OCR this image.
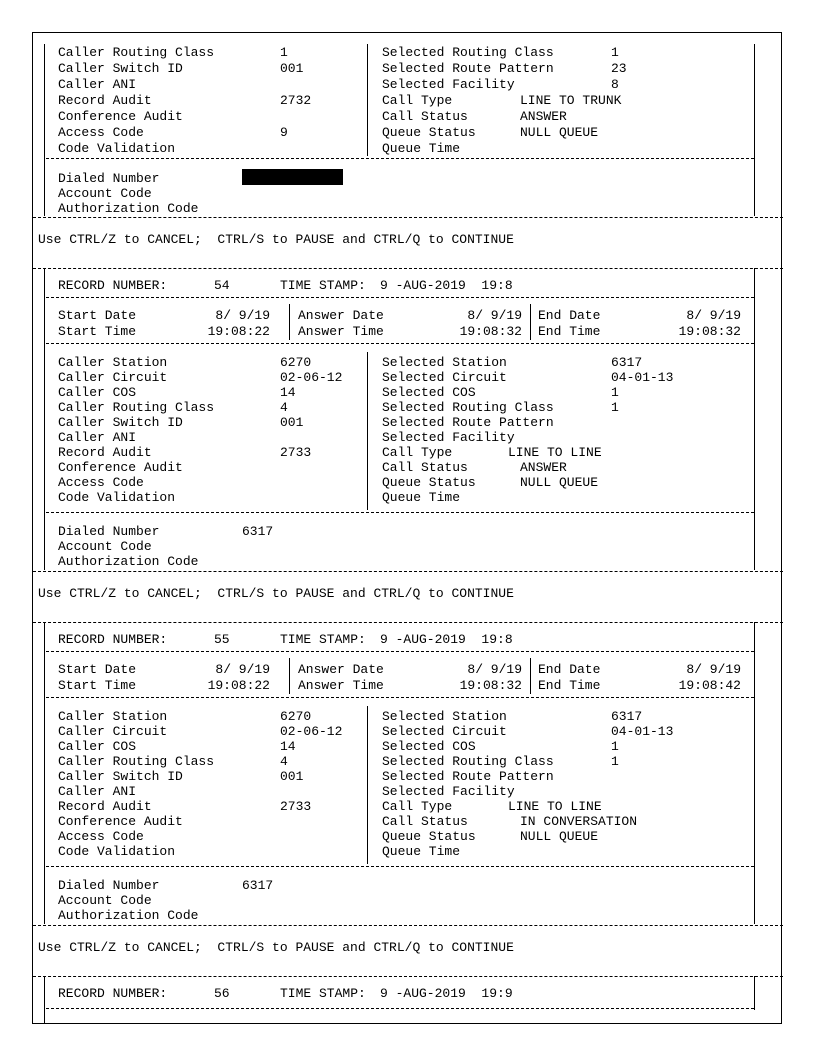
Caller Routing Class	1	Selected Routing Class	1
Caller Switch ID	001	Selected Route Pattern	23
Caller ANI	Selected Facility	8
Record Audit	2732	Call Type	LINE TO TRUNK
Conference Audit	Call Status	ANSWER
Access Code	9	Queue Status	NULL QUEUE
Code Validation	Queue Time
Dialed Number
Account Code
Authorization Code
Use CTRL/Z to CANCEL;  CTRL/S to PAUSE and CTRL/Q to CONTINUE
RECORD NUMBER:	54	TIME STAMP: 9 -AUG-2019  19:8
Start Date	8/ 9/19 Answer Date	8/ 9/19 End Date	8/ 9/19
Start Time	19:08:22 Answer Time	19:08:32 End Time	19:08:32
Caller Station	6270	Selected Station	6317
Caller Circuit	02-06-12	Selected Circuit	04-01-13
Caller COS	14	Selected COS	1
Caller Routing Class	4	Selected Routing Class	1
Caller Switch ID	001	Selected Route Pattern
Caller ANI	Selected Facility
Record Audit	2733	Call Type	LINE TO LINE
Conference Audit	Call Status	ANSWER
Access Code	Queue Status	NULL QUEUE
Code Validation	Queue Time
Dialed Number	6317
Account Code
Authorization Code
Use CTRL/Z to CANCEL;  CTRL/S to PAUSE and CTRL/Q to CONTINUE
RECORD NUMBER:	55	TIME STAMP: 9 -AUG-2019  19:8
Start Date	8/ 9/19 Answer Date	8/ 9/19 End Date	8/ 9/19
Start Time	19:08:22 Answer Time	19:08:32 End Time	19:08:42
Caller Station	6270	Selected Station	6317
Caller Circuit	02-06-12	Selected Circuit	04-01-13
Caller COS	14	Selected COS	1
Caller Routing Class	4	Selected Routing Class	1
Caller Switch ID	001	Selected Route Pattern
Caller ANI	Selected Facility
Record Audit	2733	Call Type	LINE TO LINE
Conference Audit	Call Status	IN CONVERSATION
Access Code	Queue Status	NULL QUEUE
Code Validation	Queue Time
Dialed Number	6317
Account Code
Authorization Code
Use CTRL/Z to CANCEL;  CTRL/S to PAUSE and CTRL/Q to CONTINUE
RECORD NUMBER:	56	TIME STAMP: 9 -AUG-2019  19:9
